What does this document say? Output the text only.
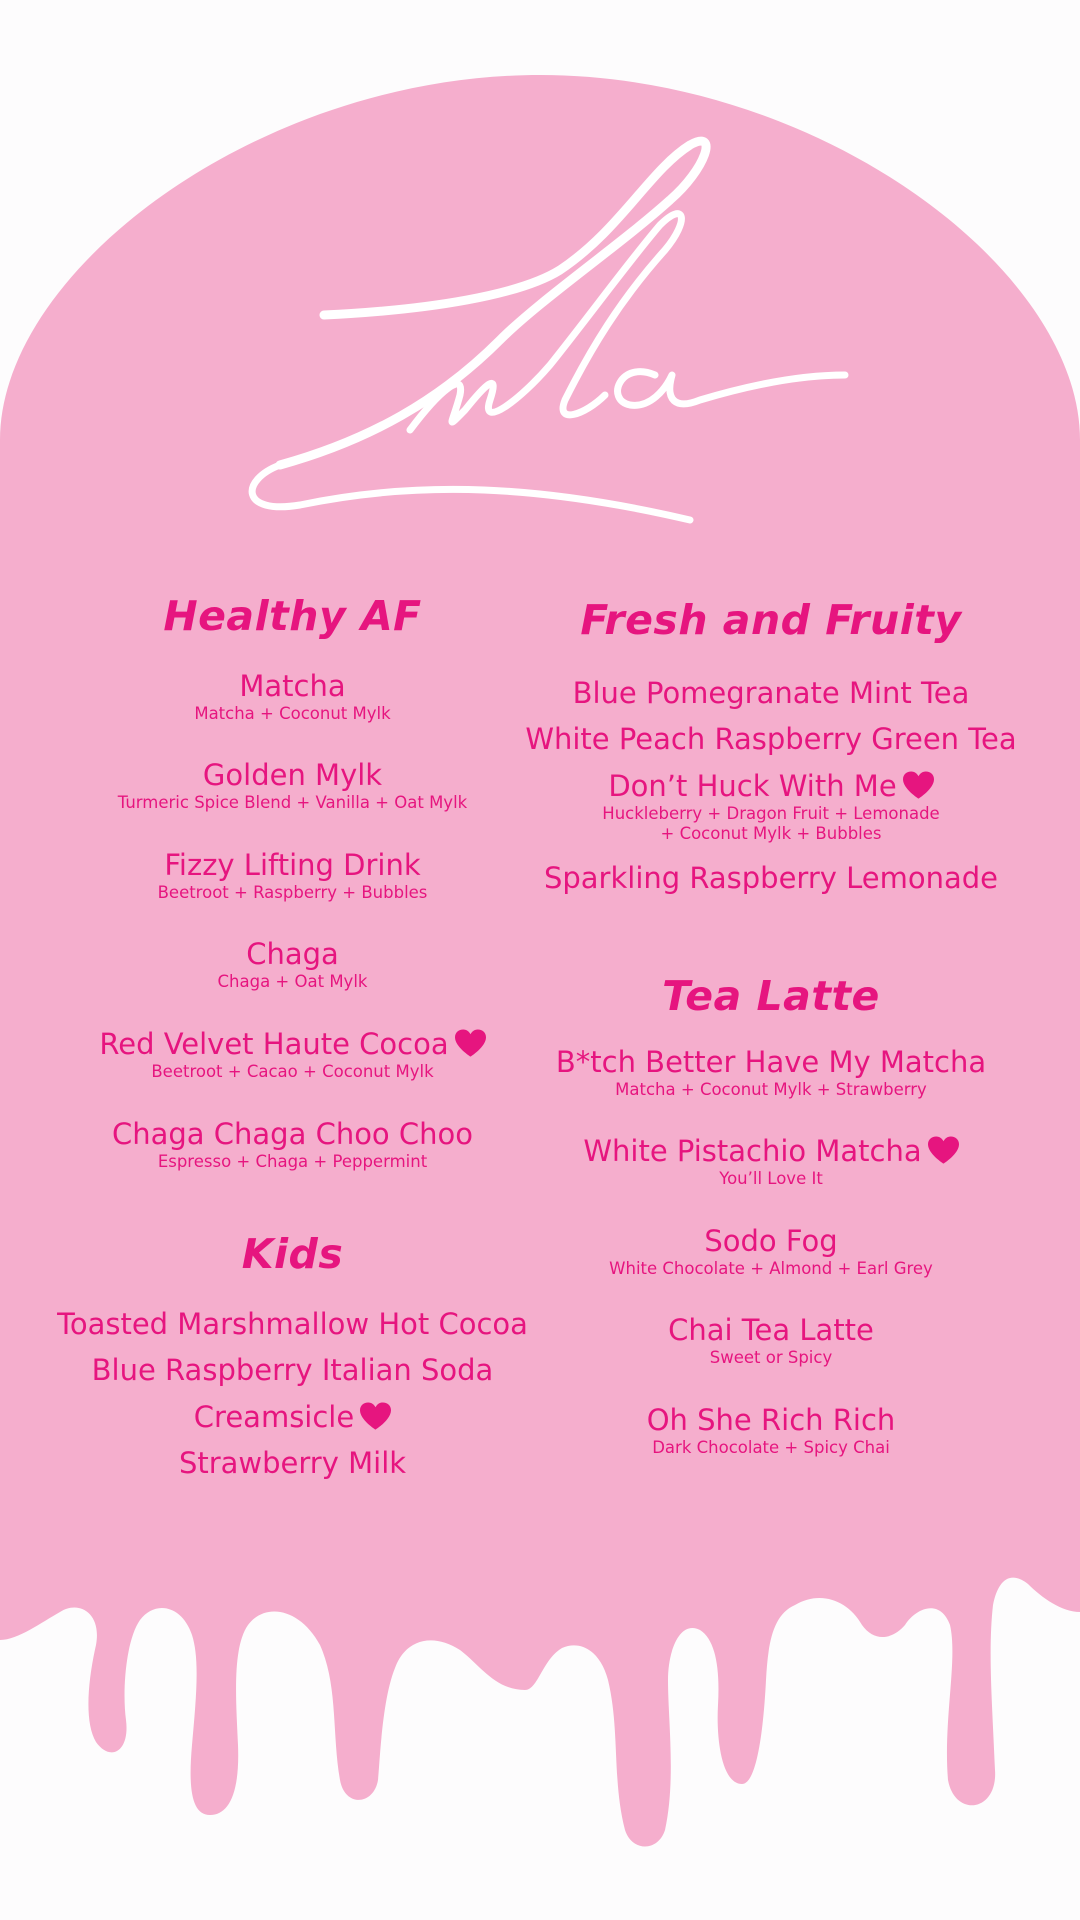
Healthy AF
Matcha
Matcha + Coconut Mylk
Golden Mylk
Turmeric Spice Blend + Vanilla + Oat Mylk
Fizzy Lifting Drink
Beetroot + Raspberry + Bubbles
Chaga
Chaga + Oat Mylk
Red Velvet Haute Cocoa
Beetroot + Cacao + Coconut Mylk
Chaga Chaga Choo Choo
Espresso + Chaga + Peppermint
Kids
Toasted Marshmallow Hot Cocoa
Blue Raspberry Italian Soda
Creamsicle
Strawberry Milk
Fresh and Fruity
Blue Pomegranate Mint Tea
White Peach Raspberry Green Tea
Don’t Huck With Me
Huckleberry + Dragon Fruit + Lemonade
+ Coconut Mylk + Bubbles
Sparkling Raspberry Lemonade
Tea Latte
B*tch Better Have My Matcha
Matcha + Coconut Mylk + Strawberry
White Pistachio Matcha
You’ll Love It
Sodo Fog
White Chocolate + Almond + Earl Grey
Chai Tea Latte
Sweet or Spicy
Oh She Rich Rich
Dark Chocolate + Spicy Chai
